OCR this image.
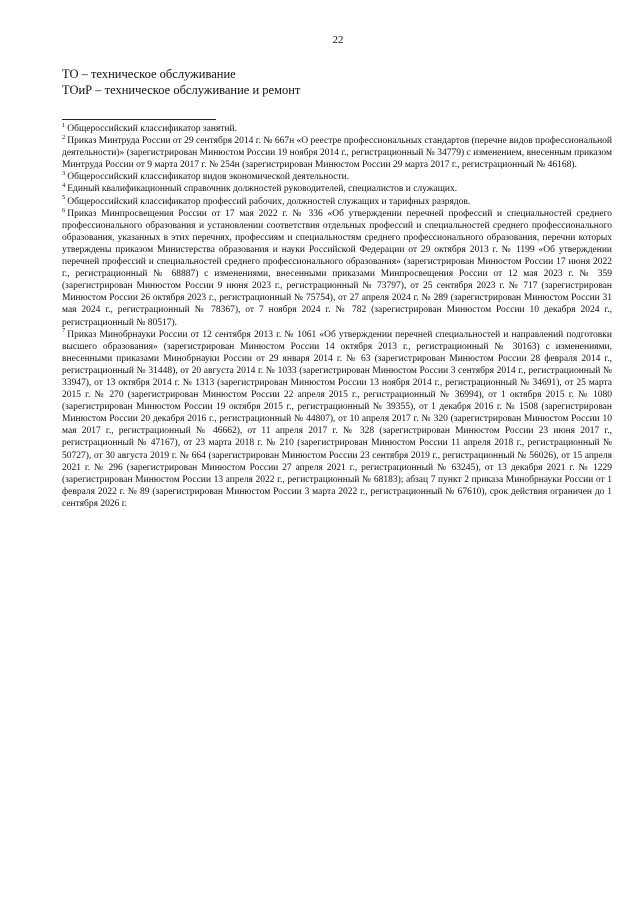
22
ТО – техническое обслуживание
ТОиР – техническое обслуживание и ремонт
$^1$ Общероссийский классификатор занятий.
$^2$ Приказ Минтруда России от 29 сентября 2014 г. № 667н «О реестре профессиональных стандартов (перечне видов профессиональной деятельности)» (зарегистрирован Минюстом России 19 ноября 2014 г., регистрационный № 34779) с изменением, внесенным приказом Минтруда России от 9 марта 2017 г. № 254н (зарегистрирован Минюстом России 29 марта 2017 г., регистрационный № 46168).
$^3$ Общероссийский классификатор видов экономической деятельности.
$^4$ Единый квалификационный справочник должностей руководителей, специалистов и служащих.
$^5$ Общероссийский классификатор профессий рабочих, должностей служащих и тарифных разрядов.
$^6$ Приказ Минпросвещения России от 17 мая 2022 г. № 336 «Об утверждении перечней профессий и специальностей среднего профессионального образования и установлении соответствия отдельных профессий и специальностей среднего профессионального образования, указанных в этих перечнях, профессиям и специальностям среднего профессионального образования, перечни которых утверждены приказом Министерства образования и науки Российской Федерации от 29 октября 2013 г. № 1199 «Об утверждении перечней профессий и специальностей среднего профессионального образования» (зарегистрирован Минюстом России 17 июня 2022 г., регистрационный № 68887) с изменениями, внесенными приказами Минпросвещения России от 12 мая 2023 г. № 359 (зарегистрирован Минюстом России 9 июня 2023 г., регистрационный № 73797), от 25 сентября 2023 г. № 717 (зарегистрирован Минюстом России 26 октября 2023 г., регистрационный № 75754), от 27 апреля 2024 г. № 289 (зарегистрирован Минюстом России 31 мая 2024 г., регистрационный № 78367), от 7 ноября 2024 г. № 782 (зарегистрирован Минюстом России 10 декабря 2024 г., регистрационный № 80517).
$^7$ Приказ Минобрнауки России от 12 сентября 2013 г. № 1061 «Об утверждении перечней специальностей и направлений подготовки высшего образования» (зарегистрирован Минюстом России 14 октября 2013 г., регистрационный № 30163) с изменениями, внесенными приказами Минобрнауки России от 29 января 2014 г. № 63 (зарегистрирован Минюстом России 28 февраля 2014 г., регистрационный № 31448), от 20 августа 2014 г. № 1033 (зарегистрирован Минюстом России 3 сентября 2014 г., регистрационный № 33947), от 13 октября 2014 г. № 1313 (зарегистрирован Минюстом России 13 ноября 2014 г., регистрационный № 34691), от 25 марта 2015 г. № 270 (зарегистрирован Минюстом России 22 апреля 2015 г., регистрационный № 36994), от 1 октября 2015 г. № 1080 (зарегистрирован Минюстом России 19 октября 2015 г., регистрационный № 39355), от 1 декабря 2016 г. № 1508 (зарегистрирован Минюстом России 20 декабря 2016 г., регистрационный № 44807), от 10 апреля 2017 г. № 320 (зарегистрирован Минюстом России 10 мая 2017 г., регистрационный № 46662), от 11 апреля 2017 г. № 328 (зарегистрирован Минюстом России 23 июня 2017 г., регистрационный № 47167), от 23 марта 2018 г. № 210 (зарегистрирован Минюстом России 11 апреля 2018 г., регистрационный № 50727), от 30 августа 2019 г. № 664 (зарегистрирован Минюстом России 23 сентября 2019 г., регистрационный № 56026), от 15 апреля 2021 г. № 296 (зарегистрирован Минюстом России 27 апреля 2021 г., регистрационный № 63245), от 13 декабря 2021 г. № 1229 (зарегистрирован Минюстом России 13 апреля 2022 г., регистрационный № 68183); абзац 7 пункт 2 приказа Минобрнауки России от 1 февраля 2022 г. № 89 (зарегистрирован Минюстом России 3 марта 2022 г., регистрационный № 67610), срок действия ограничен до 1 сентября 2026 г.
